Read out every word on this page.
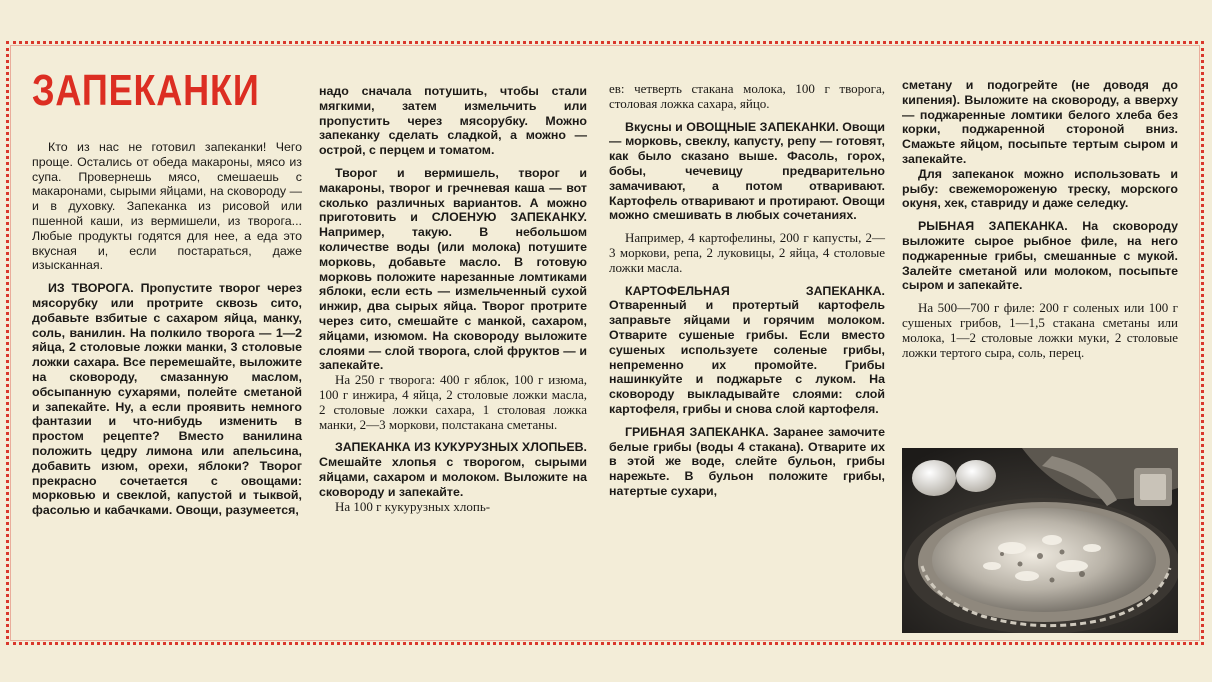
ЗАПЕКАНКИ

Кто из нас не готовил запеканки! Чего проще. Остались от обеда макароны, мясо из супа. Провернешь мясо, смешаешь с макаронами, сырыми яйцами, на сковороду — и в духовку. Запеканка из рисовой или пшенной каши, из вермишели, из творога... Любые продукты годятся для нее, а еда это вкусная и, если постараться, даже изысканная.

ИЗ ТВОРОГА. Пропустите творог через мясорубку или протрите сквозь сито, добавьте взбитые с сахаром яйца, манку, соль, ванилин. На полкило творога — 1—2 яйца, 2 столовые ложки манки, 3 столовые ложки сахара. Все перемешайте, выложите на сковороду, смазанную маслом, обсыпанную сухарями, полейте сметаной и запекайте. Ну, а если проявить немного фантазии и что-нибудь изменить в простом рецепте? Вместо ванилина положить цедру лимона или апельсина, добавить изюм, орехи, яблоки? Творог прекрасно сочетается с овощами: морковью и свеклой, капустой и тыквой, фасолью и кабачками. Овощи, разумеется,

надо сначала потушить, чтобы стали мягкими, затем измельчить или пропустить через мясорубку. Можно запеканку сделать сладкой, а можно — острой, с перцем и томатом.

Творог и вермишель, творог и макароны, творог и гречневая каша — вот сколько различных вариантов. А можно приготовить и СЛОЕНУЮ ЗАПЕКАНКУ. Например, такую. В небольшом количестве воды (или молока) потушите морковь, добавьте масло. В готовую морковь положите нарезанные ломтиками яблоки, если есть — измельченный сухой инжир, два сырых яйца. Творог протрите через сито, смешайте с манкой, сахаром, яйцами, изюмом. На сковороду выложите слоями — слой творога, слой фруктов — и запекайте.

На 250 г творога: 400 г яблок, 100 г изюма, 100 г инжира, 4 яйца, 2 столовые ложки масла, 2 столовые ложки сахара, 1 столовая ложка манки, 2—3 моркови, полстакана сметаны.

ЗАПЕКАНКА ИЗ КУКУРУЗНЫХ ХЛОПЬЕВ. Смешайте хлопья с творогом, сырыми яйцами, сахаром и молоком. Выложите на сковороду и запекайте.

На 100 г кукурузных хлопь-

ев: четверть стакана молока, 100 г творога, столовая ложка сахара, яйцо.

Вкусны и ОВОЩНЫЕ ЗАПЕКАНКИ. Овощи — морковь, свеклу, капусту, репу — готовят, как было сказано выше. Фасоль, горох, бобы, чечевицу предварительно замачивают, а потом отваривают. Картофель отваривают и протирают. Овощи можно смешивать в любых сочетаниях.

Например, 4 картофелины, 200 г капусты, 2—3 моркови, репа, 2 луковицы, 2 яйца, 4 столовые ложки масла.

КАРТОФЕЛЬНАЯ ЗАПЕКАНКА. Отваренный и протертый картофель заправьте яйцами и горячим молоком. Отварите сушеные грибы. Если вместо сушеных используете соленые грибы, непременно их промойте. Грибы нашинкуйте и поджарьте с луком. На сковороду выкладывайте слоями: слой картофеля, грибы и снова слой картофеля.

ГРИБНАЯ ЗАПЕКАНКА. Заранее замочите белые грибы (воды 4 стакана). Отварите их в этой же воде, слейте бульон, грибы нарежьте. В бульон положите грибы, натертые сухари,

сметану и подогрейте (не доводя до кипения). Выложите на сковороду, а вверху — поджаренные ломтики белого хлеба без корки, поджаренной стороной вниз. Смажьте яйцом, посыпьте тертым сыром и запекайте.

Для запеканок можно использовать и рыбу: свежемороженую треску, морского окуня, хек, ставриду и даже селедку.

РЫБНАЯ ЗАПЕКАНКА. На сковороду выложите сырое рыбное филе, на него поджаренные грибы, смешанные с мукой. Залейте сметаной или молоком, посыпьте сыром и запекайте.

На 500—700 г филе: 200 г соленых или 100 г сушеных грибов, 1—1,5 стакана сметаны или молока, 1—2 столовые ложки муки, 2 столовые ложки тертого сыра, соль, перец.
